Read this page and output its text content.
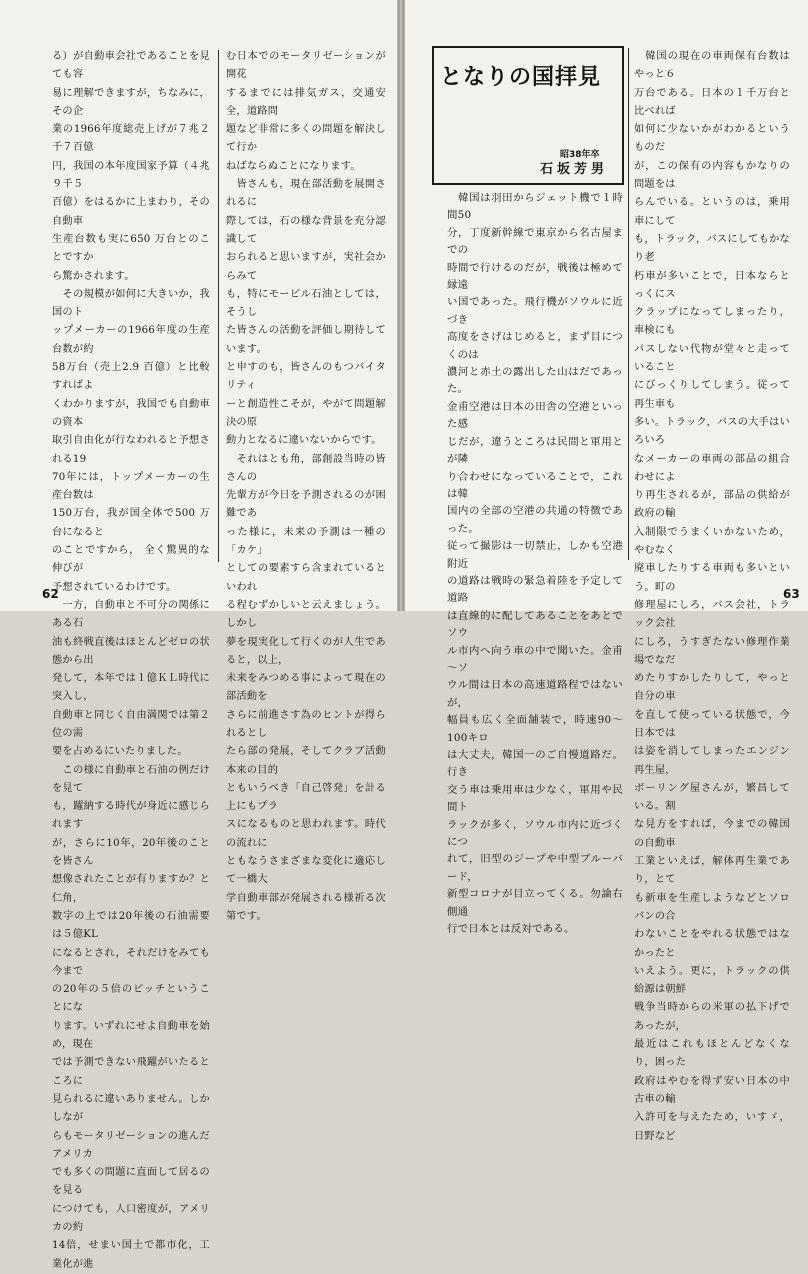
る）が自動車会社であることを見ても容
易に理解できますが，ちなみに，その企
業の1966年度総売上げが７兆２千７百億
円，我国の本年度国家予算（４兆９千５
百億）をはるかに上まわり，その自動車
生産台数も実に650 万台とのことですか
ら驚かされます。
　その規模が如何に大きいか，我国のト
ップメーカーの1966年度の生産台数が約
58万台（売上2.9 百億）と比較すればよ
くわかりますが，我国でも自動車の資本
取引自由化が行なわれると予想される19
70年には，トップメーカーの生産台数は
150万台，我が国全体で500 万台になると
のことですから， 全く驚異的な伸びが
予想されているわけです。
　一方，自動車と不可分の関係にある石
油も終戦直後はほとんどゼロの状態から出
発して，本年では１億ＫＬ時代に突入し，
自動車と同じく自由満関では第２位の需
要を占めるにいたりました。
　この様に自動車と石油の例だけを見て
も，躍納する時代が身近に感じられます
が，さらに10年，20年後のことを皆さん
想像されたことが有りますか？と仁角，
数字の上では20年後の石油需要は５億KL
になるとされ，それだけをみても今まで
の20年の５倍のピッチということにな
ります。いずれにせよ自動車を始め，現在
では予測できない飛躍がいたるところに
見られるに違いありません。しかしなが
らもモータリゼーションの進んだアメリカ
でも多くの問題に直面して居るのを見る
につけても，人口密度が，アメリカの約
14倍，せまい国土で都市化，工業化が進
む日本でのモータリゼーションが開花
するまでには排気ガス，交通安全，道路問
題など非常に多くの問題を解決して行か
ねばならぬことになります。
　皆さんも，現在部活動を展開されるに
際しては，石の様な背景を充分認識して
おられると思いますが，実社会からみて
も，特にモービル石油としては，そうし
た皆さんの活動を評価し期待しています。
と申すのも，皆さんのもつバイタリティ
ーと創造性こそが，やがて問題解決の原
動力となるに違いないからです。
　それはとも角，部創設当時の皆さんの
先輩方が今日を予測されるのが困難であ
った様に，未来の予測は一種の「カケ」
としての要素すら含まれているといわれ
る程むずかしいと云えましょう。しかし
夢を現実化して行くのが人生であると，以上，
未来をみつめる事によって現在の部活動を
さらに前進さす為のヒントが得られるとし
たら部の発展，そしてクラブ活動本来の目的
ともいうべき「自己啓発」を計る上にもプラ
スになるものと思われます。時代の流れに
ともなうさまざまな変化に適応して一橋大
学自動車部が発展される様祈る次第です。
62
となりの国拝見
昭38年卒
石坂芳男
　韓国は羽田からジェット機で１時間50
分，丁度新幹線で東京から名古屋までの
時間で行けるのだが，戦後は極めて縁遠
い国であった。飛行機がソウルに近づき
高度をさげはじめると，まず目につくのは
濃河と赤土の露出した山はだであった。
金甫空港は日本の田舎の空港といった感
じだが，違うところは民間と軍用とが隣
り合わせになっていることで，これは韓
国内の全部の空港の共通の特徴であった。
従って撮影は一切禁止，しかも空港附近
の道路は戦時の緊急着陸を予定して道路
は直線的に配してあることをあとでソウ
ル市内へ向う車の中で聞いた。金甫～ソ
ウル間は日本の高速道路程ではないが，
幅員も広く全面舗装で，時速90～100キロ
は大丈夫，韓国一のご自慢道路だ。行き
交う車は乗用車は少なく，軍用や民間ト
ラックが多く，ソウル市内に近づくにつ
れて，旧型のジープや中型ブルーバード，
新型コロナが目立ってくる。勿論右側通
行で日本とは反対である。
　韓国の現在の車両保有台数はやっと６
万台である。日本の１千万台と比べれば
如何に少ないかがわかるというものだ
が，この保有の内容もかなりの問題をは
らんでいる。というのは，乗用車にして
も，トラック，バスにしてもかなり老
朽車が多いことで，日本ならとっくにス
クラップになってしまったり，車検にも
パスしない代物が堂々と走っていること
にびっくりしてしまう。従って再生車も
多い。トラック，バスの大手はいろいろ
なメーカーの車両の部品の組合わせによ
り再生されるが，部品の供給が政府の輸
入制限でうまくいかないため，やむなく
廃車したりする車両も多いという。町の
修理屋にしろ，バス会社，トラック会社
にしろ，うすぎたない修理作業場でなだ
めたりすかしたりして，やっと自分の車
を直して使っている状態で，今日本では
は姿を消してしまったエンジン再生屋，
ボーリング屋さんが，繁昌している。割
な見方をすれば，今までの韓国の自動車
工業といえば，解体再生業であり，とて
も新車を生産しようなどとソロバンの合
わないことをやれる状態ではなかったと
いえよう。更に，トラックの供給源は朝鮮
戦争当時からの米軍の払下げであったが，
最近はこれもほとんどなくなり，困った
政府はやむを得ず安い日本の中古車の輸
入許可を与えたため，いすゞ，日野など
63
